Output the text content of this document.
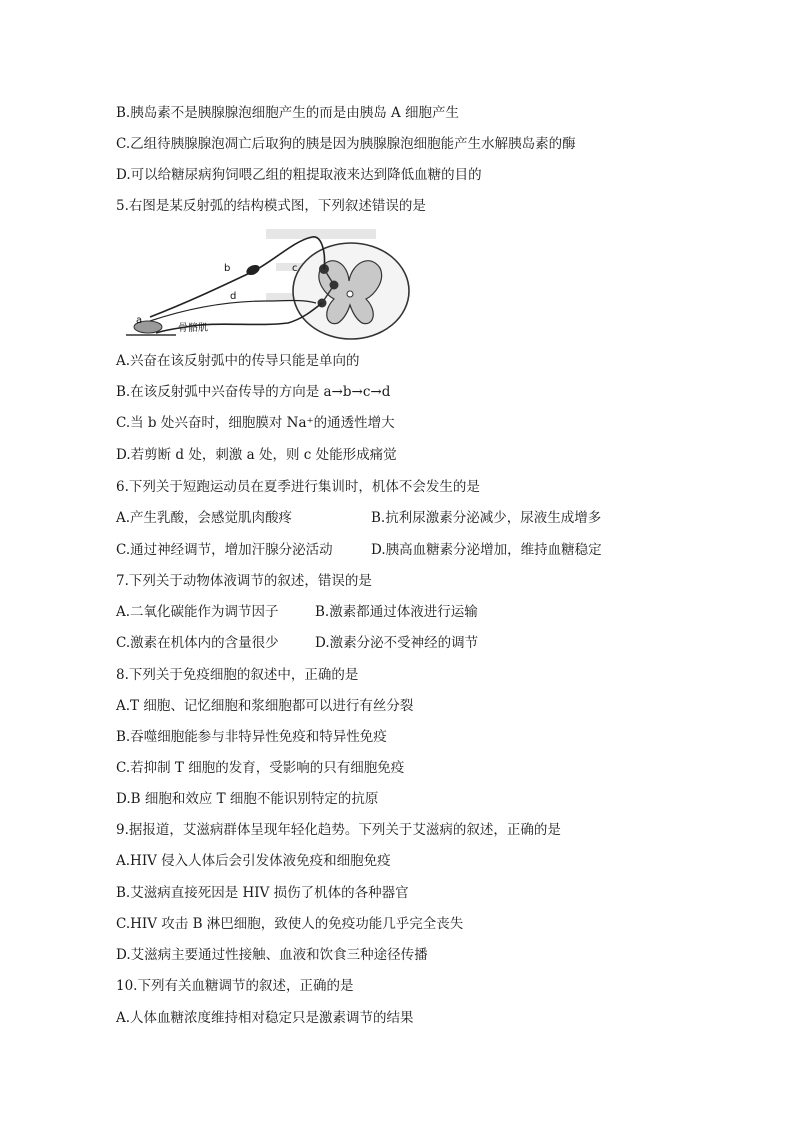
B.胰岛素不是胰腺腺泡细胞产生的而是由胰岛 A 细胞产生
C.乙组待胰腺腺泡凋亡后取狗的胰是因为胰腺腺泡细胞能产生水解胰岛素的酶
D.可以给糖尿病狗饲喂乙组的粗提取液来达到降低血糖的目的
5.右图是某反射弧的结构模式图，下列叙述错误的是
a
b	c
d
骨骼肌
A.兴奋在该反射弧中的传导只能是单向的
B.在该反射弧中兴奋传导的方向是 a→b→c→d
C.当 b 处兴奋时，细胞膜对 Na⁺的通透性增大
D.若剪断 d 处，刺激 a 处，则 c 处能形成痛觉
6.下列关于短跑运动员在夏季进行集训时，机体不会发生的是
A.产生乳酸，会感觉肌肉酸疼	B.抗利尿激素分泌减少，尿液生成增多
C.通过神经调节，增加汗腺分泌活动	D.胰高血糖素分泌增加，维持血糖稳定
7.下列关于动物体液调节的叙述，错误的是
A.二氧化碳能作为调节因子	B.激素都通过体液进行运输
C.激素在机体内的含量很少	D.激素分泌不受神经的调节
8.下列关于免疫细胞的叙述中，正确的是
A.T 细胞、记忆细胞和浆细胞都可以进行有丝分裂
B.吞噬细胞能参与非特异性免疫和特异性免疫
C.若抑制 T 细胞的发育，受影响的只有细胞免疫
D.B 细胞和效应 T 细胞不能识别特定的抗原
9.据报道，艾滋病群体呈现年轻化趋势。下列关于艾滋病的叙述，正确的是
A.HIV 侵入人体后会引发体液免疫和细胞免疫
B.艾滋病直接死因是 HIV 损伤了机体的各种器官
C.HIV 攻击 B 淋巴细胞，致使人的免疫功能几乎完全丧失
D.艾滋病主要通过性接触、血液和饮食三种途径传播
10.下列有关血糖调节的叙述，正确的是
A.人体血糖浓度维持相对稳定只是激素调节的结果
